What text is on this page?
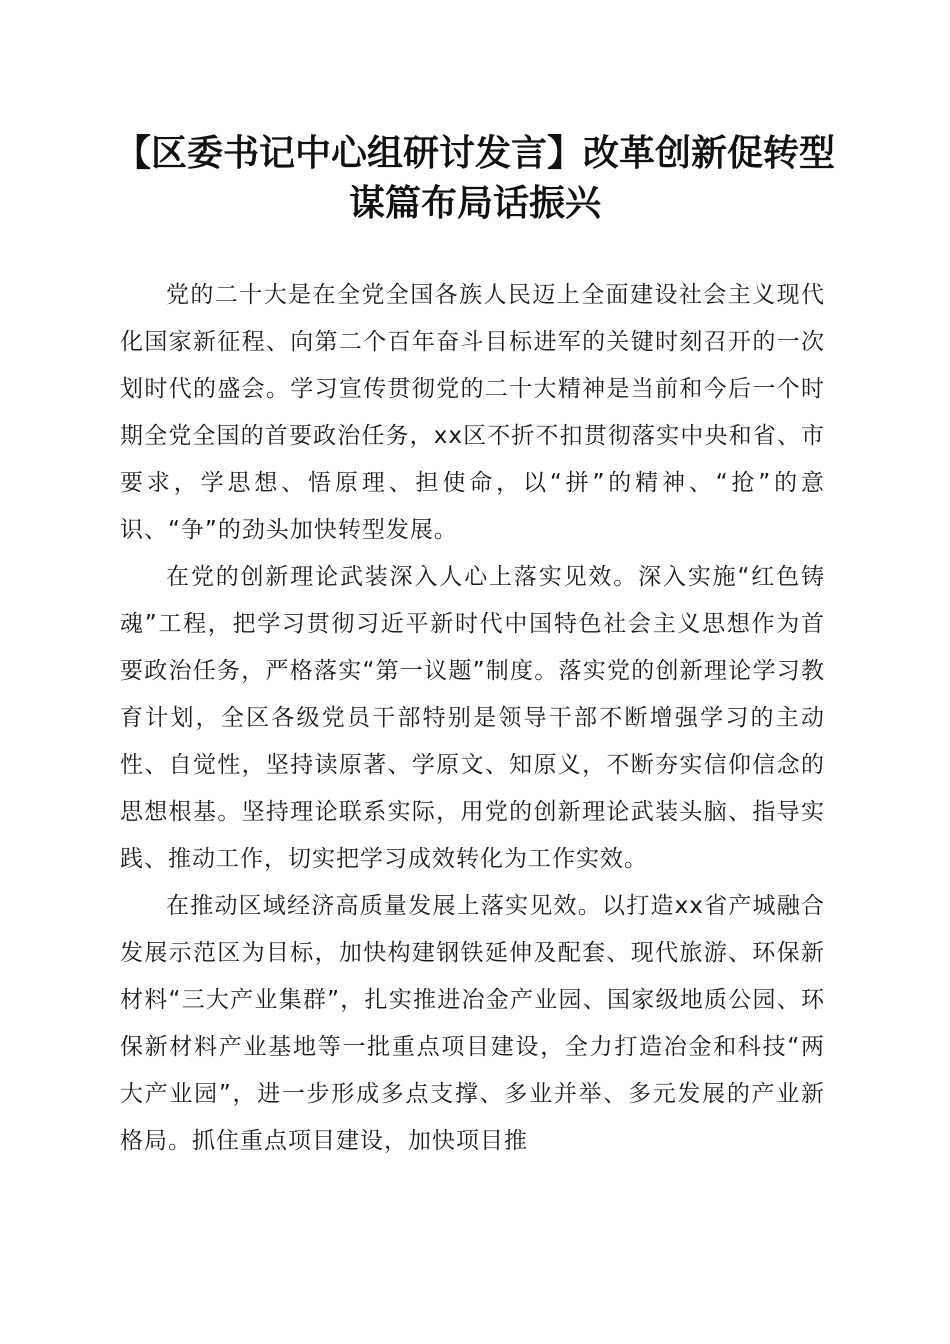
【区委书记中心组研讨发言】改革创新促转型
谋篇布局话振兴

党的二十大是在全党全国各族人民迈上全面建设社会主义现代化国家新征程、向第二个百年奋斗目标进军的关键时刻召开的一次划时代的盛会。学习宣传贯彻党的二十大精神是当前和今后一个时期全党全国的首要政治任务，xx区不折不扣贯彻落实中央和省、市要求，学思想、悟原理、担使命，以“拼”的精神、“抢”的意识、“争”的劲头加快转型发展。

在党的创新理论武装深入人心上落实见效。深入实施“红色铸魂”工程，把学习贯彻习近平新时代中国特色社会主义思想作为首要政治任务，严格落实“第一议题”制度。落实党的创新理论学习教育计划，全区各级党员干部特别是领导干部不断增强学习的主动性、自觉性，坚持读原著、学原文、知原义，不断夯实信仰信念的思想根基。坚持理论联系实际，用党的创新理论武装头脑、指导实践、推动工作，切实把学习成效转化为工作实效。

在推动区域经济高质量发展上落实见效。以打造xx省产城融合发展示范区为目标，加快构建钢铁延伸及配套、现代旅游、环保新材料“三大产业集群”，扎实推进冶金产业园、国家级地质公园、环保新材料产业基地等一批重点项目建设，全力打造冶金和科技“两大产业园”，进一步形成多点支撑、多业并举、多元发展的产业新格局。抓住重点项目建设，加快项目推
